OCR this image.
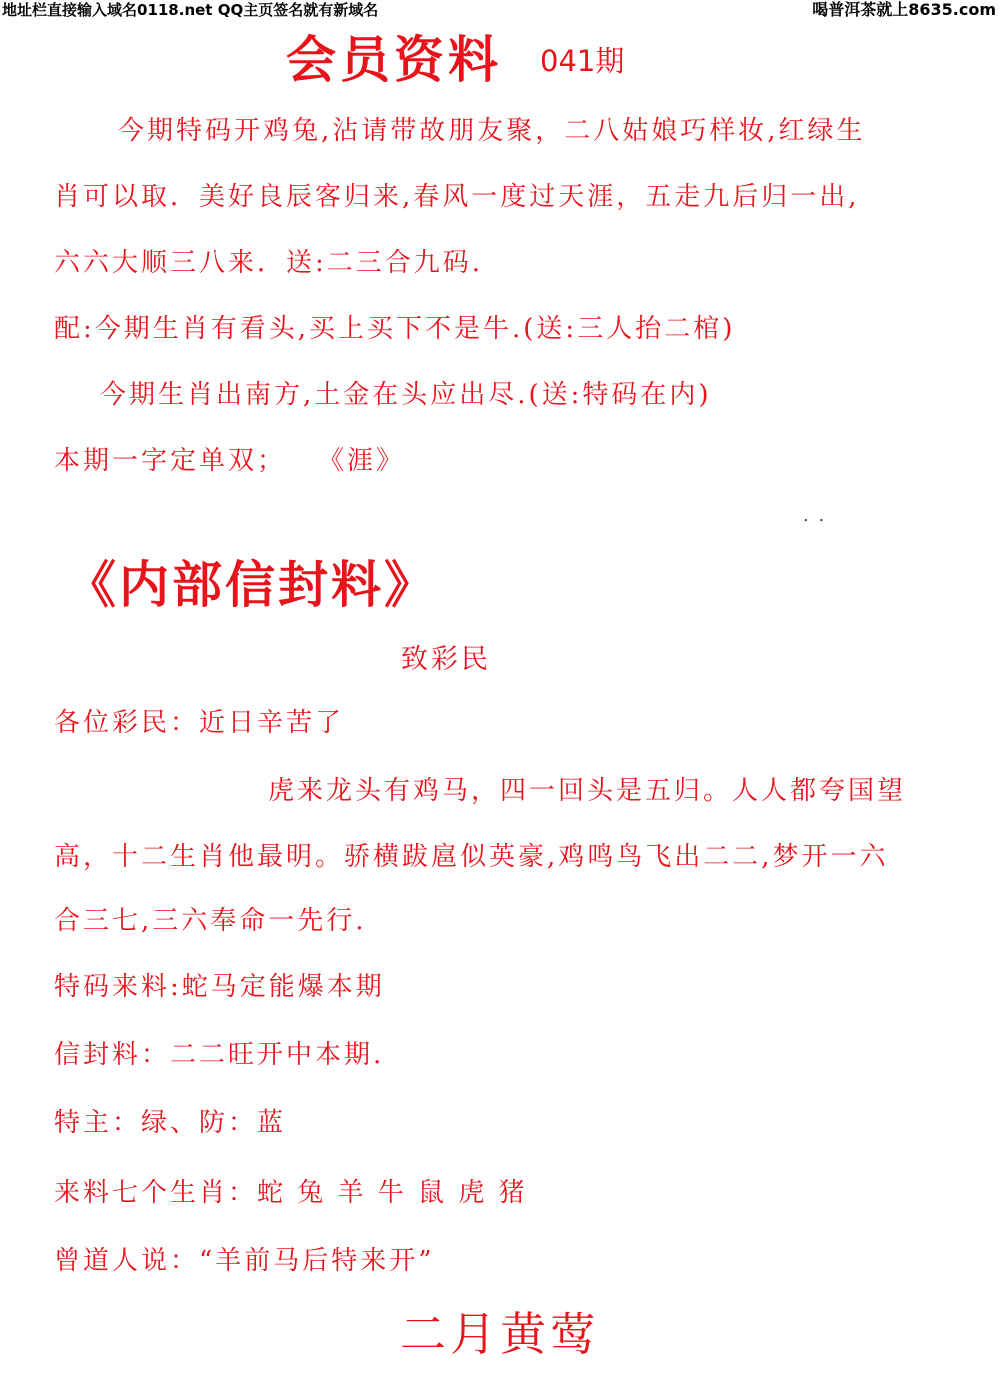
地址栏直接输入域名0118.net QQ主页签名就有新域名	喝普洱茶就上8635.com
会员资料 041期
今期特码开鸡兔,沾请带故朋友聚，二八姑娘巧样妆,红绿生
肖可以取．美好良辰客归来,春风一度过天涯，五走九后归一出,
六六大顺三八来．送:二三合九码.
配:今期生肖有看头,买上买下不是牛.(送:三人抬二棺)
今期生肖出南方,土金在头应出尽.(送:特码在内)
本期一字定单双；　　《涯》
. .
《内部信封料》
致彩民
各位彩民：近日辛苦了
虎来龙头有鸡马，四一回头是五归。人人都夸国望
高，十二生肖他最明。骄横跋扈似英豪,鸡鸣鸟飞出二二,梦开一六
合三七,三六奉命一先行.
特码来料:蛇马定能爆本期
信封料：二二旺开中本期.
特主：绿、防：蓝
来料七个生肖：蛇 兔 羊 牛 鼠 虎 猪
曾道人说：“羊前马后特来开”
二月黄莺
